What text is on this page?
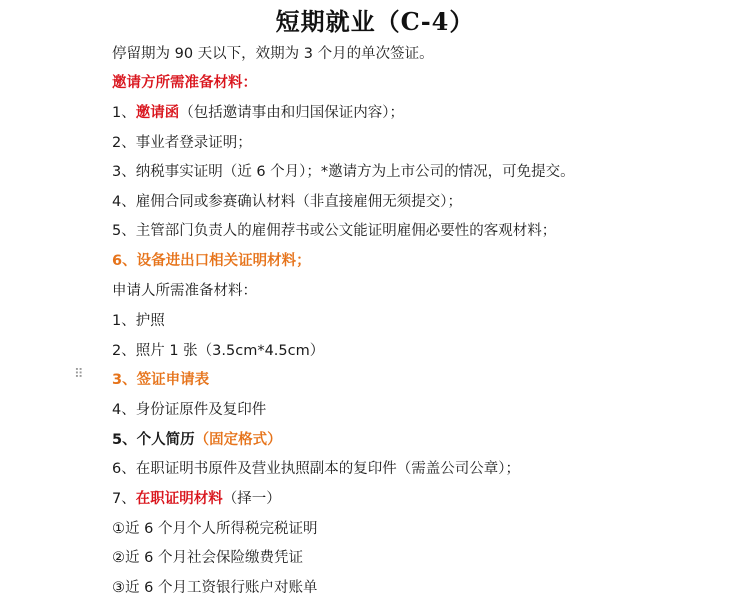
短期就业（C-4）
停留期为 90 天以下，效期为 3 个月的单次签证。
邀请方所需准备材料：
1、邀请函（包括邀请事由和归国保证内容）；
2、事业者登录证明；
3、纳税事实证明（近 6 个月）；*邀请方为上市公司的情况，可免提交。
4、雇佣合同或参赛确认材料（非直接雇佣无须提交）；
5、主管部门负责人的雇佣荐书或公文能证明雇佣必要性的客观材料；
6、设备进出口相关证明材料；
申请人所需准备材料：
1、护照
2、照片 1 张（3.5cm*4.5cm）
⠿ 3、签证申请表
4、身份证原件及复印件
5、个人简历（固定格式）
6、在职证明书原件及营业执照副本的复印件（需盖公司公章）；
7、在职证明材料（择一）
①近 6 个月个人所得税完税证明
②近 6 个月社会保险缴费凭证
③近 6 个月工资银行账户对账单
